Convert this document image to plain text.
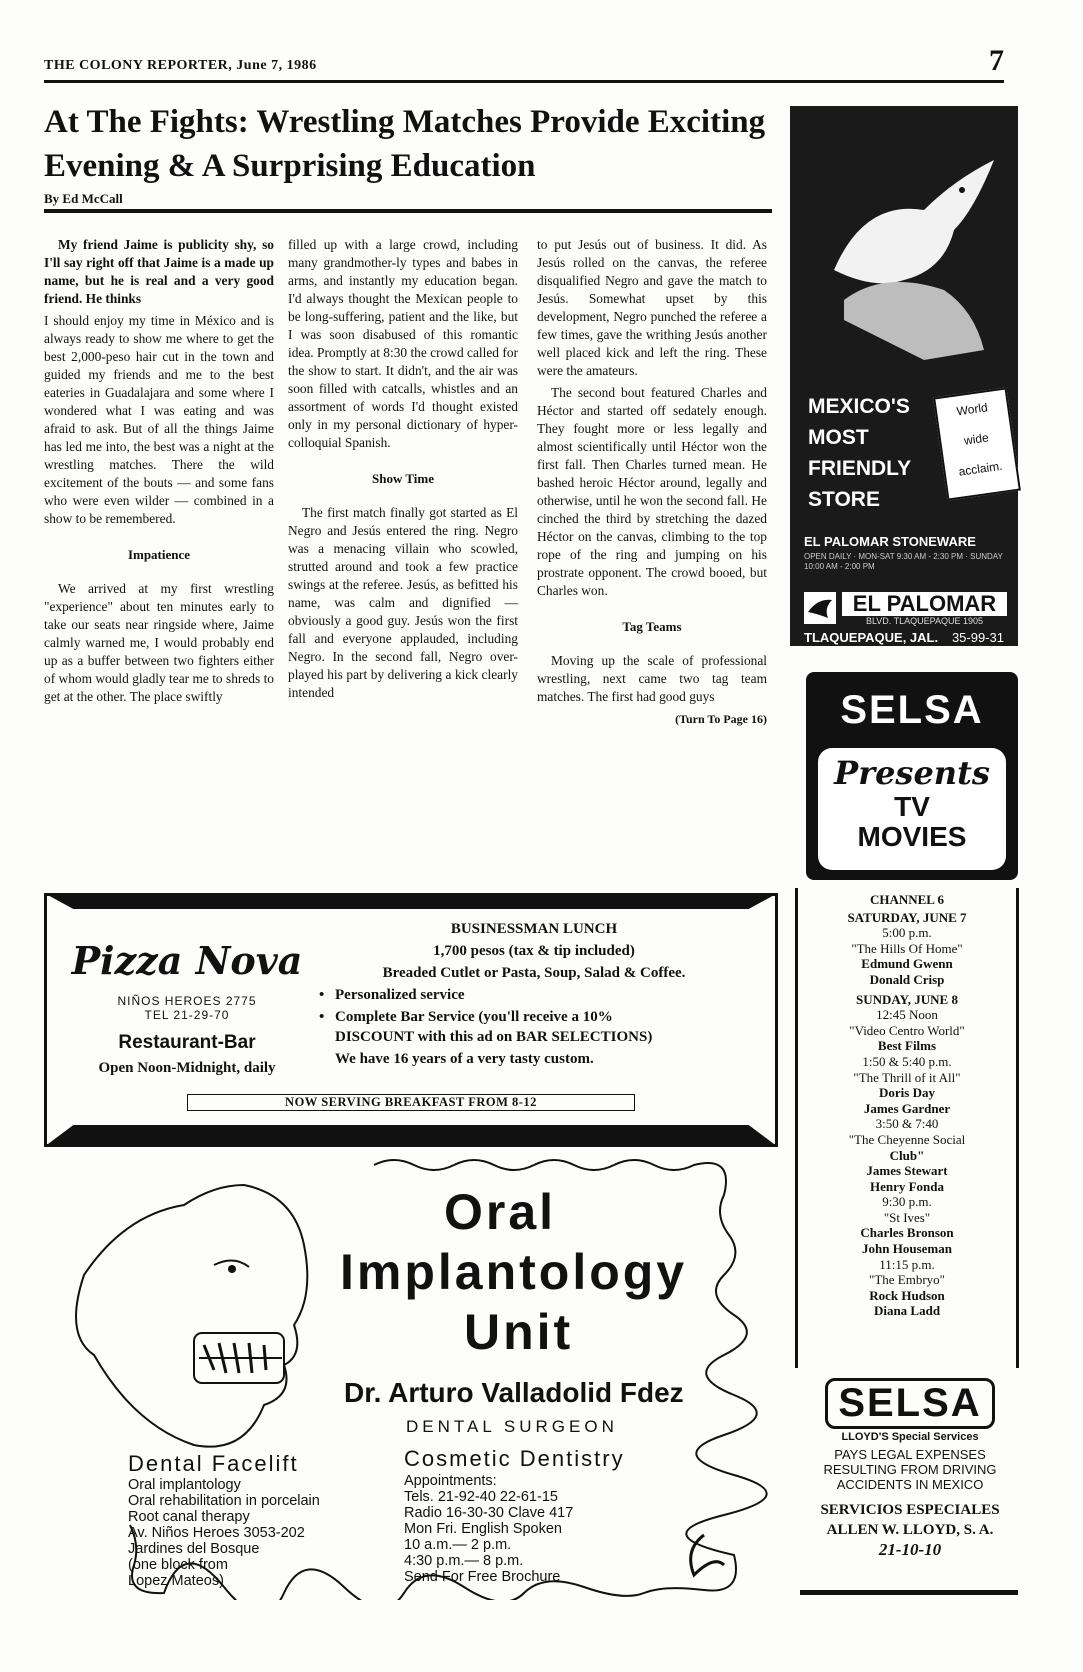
THE COLONY REPORTER, June 7, 1986	7
At The Fights: Wrestling Matches Provide Exciting Evening & A Surprising Education
By Ed McCall

My friend Jaime is publicity shy, so I'll say right off that Jaime is a made up name, but he is real and a very good friend. He thinks

I should enjoy my time in México and is always ready to show me where to get the best 2,000-peso hair cut in the town and guided my friends and me to the best eateries in Guadalajara and some where I wondered what I was eating and was afraid to ask. But of all the things Jaime has led me into, the best was a night at the wrestling matches. There the wild excitement of the bouts — and some fans who were even wilder — combined in a show to be remembered.

Impatience

We arrived at my first wrestling "experience" about ten minutes early to take our seats near ringside where, Jaime calmly warned me, I would probably end up as a buffer between two fighters either of whom would gladly tear me to shreds to get at the other. The place swiftly

filled up with a large crowd, including many grandmother-ly types and babes in arms, and instantly my education began. I'd always thought the Mexican people to be long-suffering, patient and the like, but I was soon disabused of this romantic idea. Promptly at 8:30 the crowd called for the show to start. It didn't, and the air was soon filled with catcalls, whistles and an assortment of words I'd thought existed only in my personal dictionary of hyper-colloquial Spanish.

Show Time

The first match finally got started as El Negro and Jesús entered the ring. Negro was a menacing villain who scowled, strutted around and took a few practice swings at the referee. Jesús, as befitted his name, was calm and dignified — obviously a good guy. Jesús won the first fall and everyone applauded, including Negro. In the second fall, Negro over-played his part by delivering a kick clearly intended

to put Jesús out of business. It did. As Jesús rolled on the canvas, the referee disqualified Negro and gave the match to Jesús. Somewhat upset by this development, Negro punched the referee a few times, gave the writhing Jesús another well placed kick and left the ring. These were the amateurs.

The second bout featured Charles and Héctor and started off sedately enough. They fought more or less legally and almost scientifically until Héctor won the first fall. Then Charles turned mean. He bashed heroic Héctor around, legally and otherwise, until he won the second fall. He cinched the third by stretching the dazed Héctor on the canvas, climbing to the top rope of the ring and jumping on his prostrate opponent. The crowd booed, but Charles won.

Tag Teams

Moving up the scale of professional wrestling, next came two tag team matches. The first had good guys

(Turn To Page 16)
MEXICO'S
MOST
FRIENDLY
STORE
World
wide
acclaim.
EL PALOMAR STONEWARE
OPEN DAILY · MON-SAT 9:30 AM - 2:30 PM · SUNDAY 10:00 AM - 2:00 PM
EL PALOMAR
BLVD. TLAQUEPAQUE 1905
35-99-31
TLAQUEPAQUE, JAL.
SELSA
Presents
TV
MOVIES
CHANNEL 6
SATURDAY, JUNE 7
5:00 p.m.
"The Hills Of Home"
Edmund Gwenn
Donald Crisp
SUNDAY, JUNE 8
12:45 Noon
"Video Centro World"
Best Films
1:50 & 5:40 p.m.
"The Thrill of it All"
Doris Day
James Gardner
3:50 & 7:40
"The Cheyenne Social
Club"
James Stewart
Henry Fonda
9:30 p.m.
"St Ives"
Charles Bronson
John Houseman
11:15 p.m.
"The Embryo"
Rock Hudson
Diana Ladd
SELSA
LLOYD'S Special Services
PAYS LEGAL EXPENSES
RESULTING FROM DRIVING
ACCIDENTS IN MEXICO
SERVICIOS ESPECIALES
ALLEN W. LLOYD, S. A.
21-10-10
Pizza Nova
NIÑOS HEROES 2775
TEL 21-29-70
Restaurant-Bar
Open Noon-Midnight, daily
BUSINESSMAN LUNCH
1,700 pesos (tax & tip included)
Breaded Cutlet or Pasta, Soup, Salad & Coffee.
• Personalized service
• Complete Bar Service (you'll receive a 10%
DISCOUNT with this ad on BAR SELECTIONS)
We have 16 years of a very tasty custom.
NOW SERVING BREAKFAST FROM 8-12
Oral
Implantology
Unit
Dr. Arturo Valladolid Fdez
DENTAL SURGEON
Dental Facelift
Oral implantology
Oral rehabilitation in porcelain
Root canal therapy
Av. Niños Heroes 3053-202
Jardines del Bosque
(one block from
Lopez Mateos)
Cosmetic Dentistry
Appointments:
Tels. 21-92-40 22-61-15
Radio 16-30-30 Clave 417
Mon Fri. English Spoken
10 a.m.— 2 p.m.
4:30 p.m.— 8 p.m.
Send For Free Brochure
